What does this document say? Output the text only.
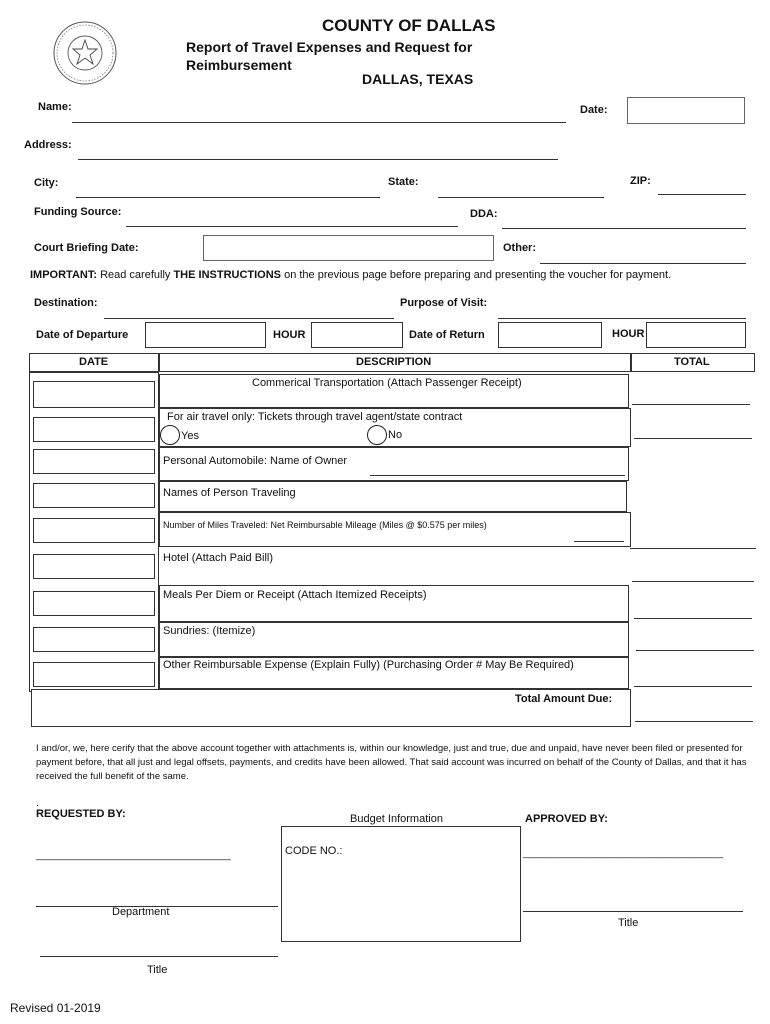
COUNTY OF DALLAS
Report of Travel Expenses and Request for Reimbursement
DALLAS, TEXAS
Name:	Date:
Address:
City:	State:	ZIP:
Funding Source:	DDA:
Court Briefing Date:	Other:
IMPORTANT: Read carefully THE INSTRUCTIONS on the previous page before preparing and presenting the voucher for payment.
Destination:	Purpose of Visit:
Date of Departure	HOUR	Date of Return	HOUR
DATE	DESCRIPTION	TOTAL
Commerical Transportation (Attach Passenger Receipt)
For air travel only: Tickets through travel agent/state contract
Yes	No
Personal Automobile: Name of Owner
Names of Person Traveling
Number of Miles Traveled: Net Reimbursable Mileage (Miles @ $0.575 per miles)
Hotel (Attach Paid Bill)
Meals Per Diem or Receipt (Attach Itemized Receipts)
Sundries: (Itemize)
Other Reimbursable Expense (Explain Fully) (Purchasing Order # May Be Required)
Total Amount Due:
I and/or, we, here cerify that the above account together with attachments is, within our knowledge, just and true, due and unpaid, have never been filed or presented for payment before, that all just and legal offsets, payments, and credits have been allowed. That said account was incurred on behalf of the County of Dallas, and that it has received the full benefit of the same.
.
REQUESTED BY:
___________________________________
Department
Title
Budget Information
CODE NO.:
APPROVED BY:
____________________________________
Title
Revised 01-2019
